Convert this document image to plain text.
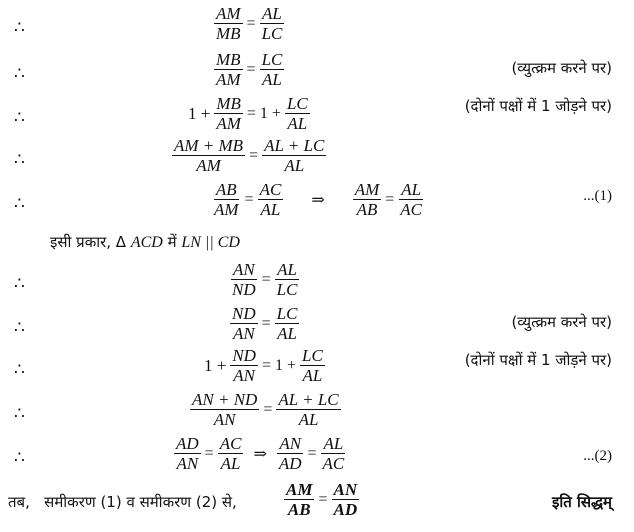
∴	$\frac{AM}{MB} = \frac{AL}{LC}$
∴	$\frac{MB}{AM} = \frac{LC}{AL}$	(व्युत्क्रम करने पर)
∴	$1 + \frac{MB}{AM} = 1 + \frac{LC}{AL}$	(दोनों पक्षों में 1 जोड़ने पर)
∴	$\frac{AM + MB}{AM} = \frac{AL + LC}{AL}$
∴	$\frac{AB}{AM} = \frac{AC}{AL}$ ⇒ $\frac{AM}{AB} = \frac{AL}{AC}$	...(1)
इसी प्रकार, Δ ACD में LN || CD
∴	$\frac{AN}{ND} = \frac{AL}{LC}$
∴	$\frac{ND}{AN} = \frac{LC}{AL}$	(व्युत्क्रम करने पर)
∴	$1 + \frac{ND}{AN} = 1 + \frac{LC}{AL}$	(दोनों पक्षों में 1 जोड़ने पर)
∴	$\frac{AN + ND}{AN} = \frac{AL + LC}{AL}$
∴	$\frac{AD}{AN} = \frac{AC}{AL}$ ⇒ $\frac{AN}{AD} = \frac{AL}{AC}$	...(2)
तब,   समीकरण (1) व समीकरण (2) से,	$\frac{AM}{AB} = \frac{AN}{AD}$	इति सिद्धम्
